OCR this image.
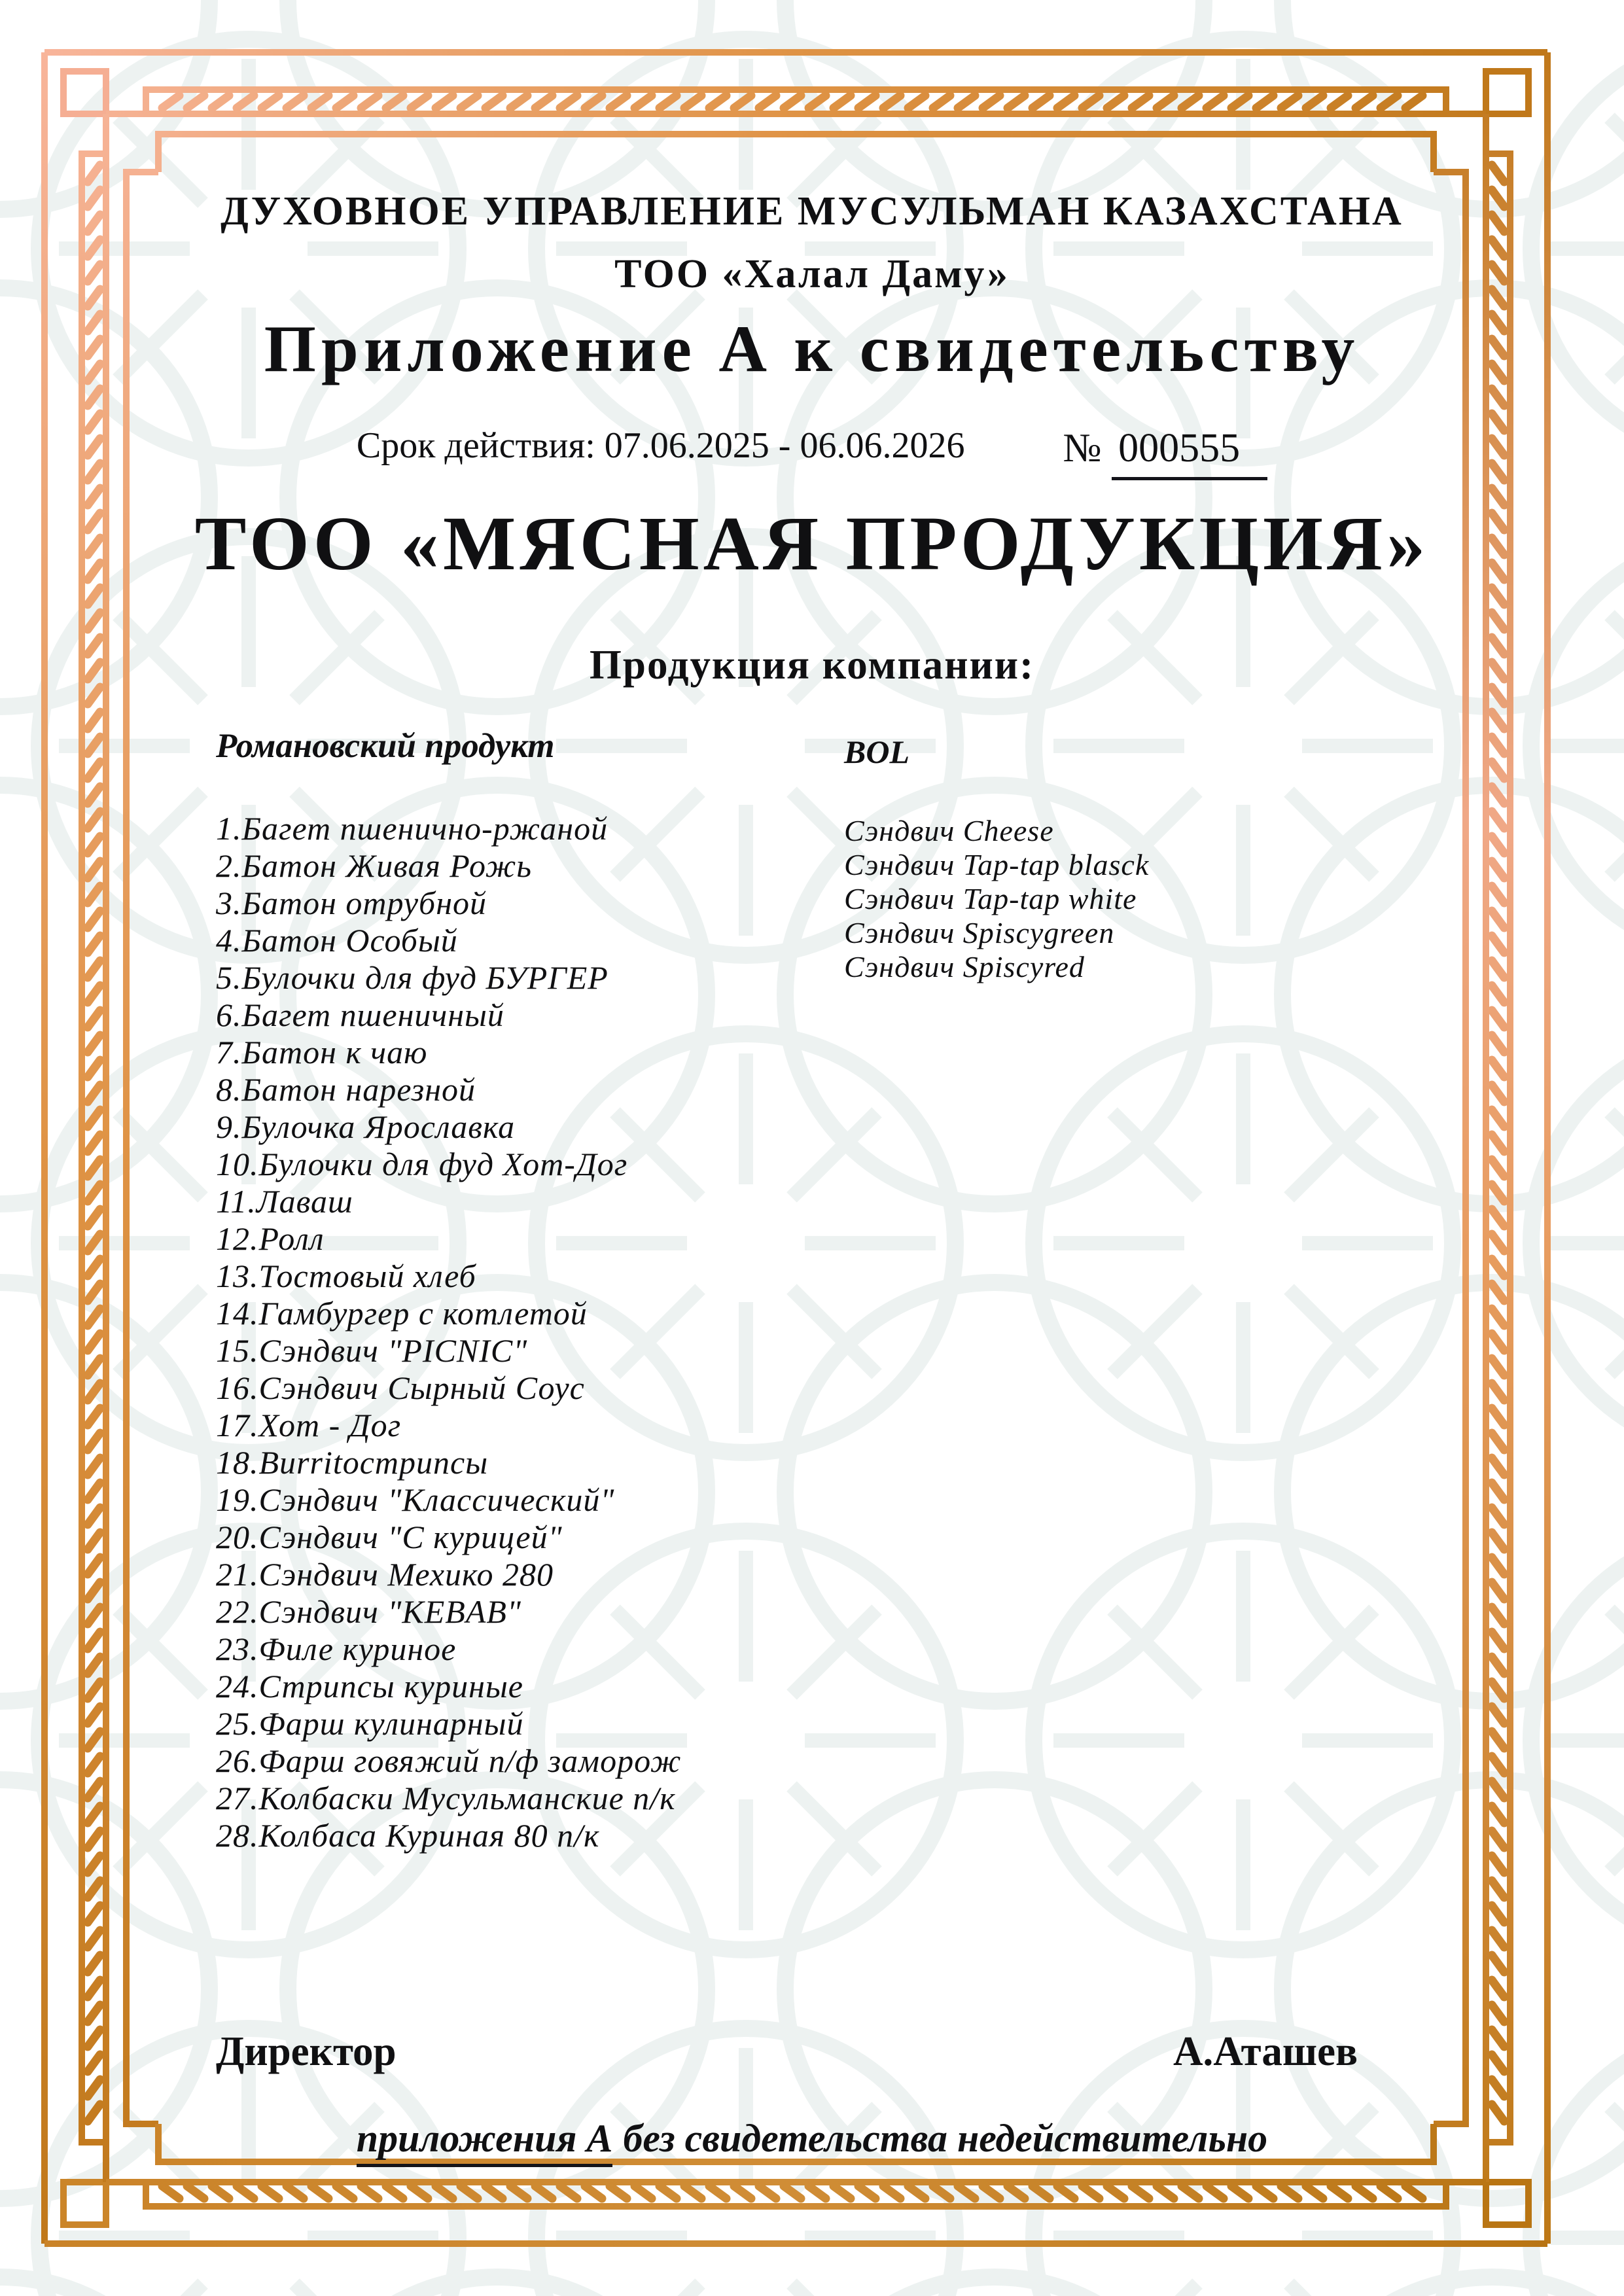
ДУХОВНОЕ УПРАВЛЕНИЕ МУСУЛЬМАН КАЗАХСТАНА
ТОО «Халал Даму»
Приложение А к свидетельству
Срок действия: 07.06.2025 - 06.06.2026 № 000555
ТОО «МЯСНАЯ ПРОДУКЦИЯ»
Продукция компании:
Романовский продукт	BOL
1.Багет пшенично-ржаной
2.Батон Живая Рожь
3.Батон отрубной
4.Батон Особый
5.Булочки для фуд БУРГЕР
6.Багет пшеничный
7.Батон к чаю
8.Батон нарезной
9.Булочка Ярославка
10.Булочки для фуд Хот-Дог
11.Лаваш
12.Ролл
13.Тостовый хлеб
14.Гамбургер с котлетой
15.Сэндвич "PICNIC"
16.Сэндвич Сырный Соус
17.Хот - Дог
18.Burritoстрипсы
19.Сэндвич "Классический"
20.Сэндвич "С курицей"
21.Сэндвич Мехико 280
22.Сэндвич "KEBAB"
23.Филе куриное
24.Стрипсы куриные
25.Фарш кулинарный
26.Фарш говяжий п/ф заморож
27.Колбаски Мусульманские п/к
28.Колбаса Куриная 80 п/к
Сэндвич Cheese
Сэндвич Tap-tap blasck
Сэндвич Tap-tap white
Сэндвич Spiscygreen
Сэндвич Spiscyred
Директор	А.Аташев
приложения А без свидетельства недействительно
